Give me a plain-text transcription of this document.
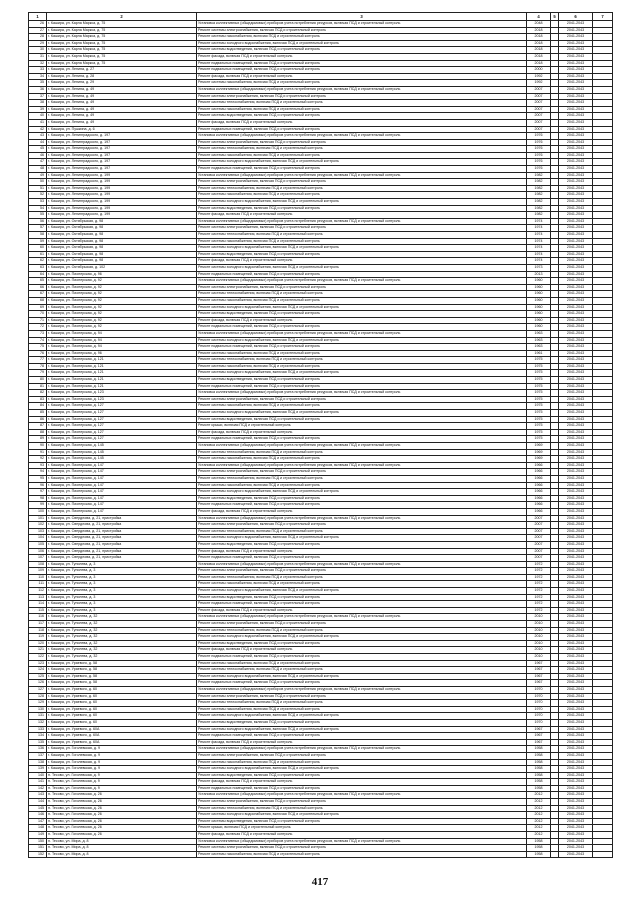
1	2	3	4	5	6	7
26	г. Кашира, ул. Карла Маркса, д. 75	Установка коллективных (общедомовых) приборов учета потребления ресурсов, включая ПСД и строительный контроль	2048		2041-2043	
27	г. Кашира, ул. Карла Маркса, д. 75	Ремонт системы электроснабжения, включая ПСД и строительный контроль	2018		2041-2043	
28	г. Кашира, ул. Карла Маркса, д. 75	Ремонт системы газоснабжения, включая ПСД и строительный контроль	2018		2041-2043	
29	г. Кашира, ул. Карла Маркса, д. 75	Ремонт системы холодного водоснабжения, включая ПСД и строительный контроль	2018		2041-2043	
30	г. Кашира, ул. Карла Маркса, д. 75	Ремонт системы водоотведения, включая ПСД и строительный контроль	2018		2041-2043	
31	г. Кашира, ул. Карла Маркса, д. 75	Ремонт фасада, включая ПСД и строительный контроль	2018		2041-2043	
32	г. Кашира, ул. Карла Маркса, д. 75	Ремонт подвальных помещений, включая ПСД и строительный контроль	2018		2041-2043	
33	г. Кашира, ул. Ленина, д. 27	Ремонт подвальных помещений, включая ПСД и строительный контроль	2000		2041-2043	
34	г. Кашира, ул. Ленина, д. 28	Ремонт фасада, включая ПСД и строительный контроль	1992		2041-2043	
35	г. Кашира, ул. Ленина, д. 29	Ремонт системы газоснабжения, включая ПСД и строительный контроль	1992		2041-2043	
36	г. Кашира, ул. Ленина, д. 49	Установка коллективных (общедомовых) приборов учета потребления ресурсов, включая ПСД и строительный контроль	2007		2041-2043	
37	г. Кашира, ул. Ленина, д. 49	Ремонт системы электроснабжения, включая ПСД и строительный контроль	2007		2041-2043	
38	г. Кашира, ул. Ленина, д. 49	Ремонт системы теплоснабжения, включая ПСД и строительный контроль	2007		2041-2043	
39	г. Кашира, ул. Ленина, д. 49	Ремонт системы газоснабжения, включая ПСД и строительный контроль	2007		2041-2043	
40	г. Кашира, ул. Ленина, д. 49	Ремонт системы водоотведения, включая ПСД и строительный контроль	2007		2041-2043	
41	г. Кашира, ул. Ленина, д. 49	Ремонт фасада, включая ПСД и строительный контроль	2007		2041-2043	
42	г. Кашира, ул. Пушкина, д. 6	Ремонт подвальных помещений, включая ПСД и строительный контроль	2007		2041-2043	
43	г. Кашира, ул. Ленинградского, д. 197	Установка коллективных (общедомовых) приборов учета потребления ресурсов, включая ПСД и строительный контроль	1976		2041-2043	
44	г. Кашира, ул. Ленинградского, д. 197	Ремонт системы электроснабжения, включая ПСД и строительный контроль	1976		2041-2043	
45	г. Кашира, ул. Ленинградского, д. 197	Ремонт системы теплоснабжения, включая ПСД и строительный контроль	1976		2041-2043	
46	г. Кашира, ул. Ленинградского, д. 197	Ремонт системы газоснабжения, включая ПСД и строительный контроль	1976		2041-2043	
47	г. Кашира, ул. Ленинградского, д. 197	Ремонт системы холодного водоснабжения, включая ПСД и строительный контроль	1976		2041-2043	
48	г. Кашира, ул. Ленинградского, д. 197	Ремонт подвальных помещений, включая ПСД и строительный контроль	1976		2041-2043	
49	г. Кашира, ул. Ленинградского, д. 199	Установка коллективных (общедомовых) приборов учета потребления ресурсов, включая ПСД и строительный контроль	1982		2041-2043	
50	г. Кашира, ул. Ленинградского, д. 199	Ремонт системы электроснабжения, включая ПСД и строительный контроль	1982		2041-2043	
51	г. Кашира, ул. Ленинградского, д. 199	Ремонт системы теплоснабжения, включая ПСД и строительный контроль	1982		2041-2043	
52	г. Кашира, ул. Ленинградского, д. 199	Ремонт системы газоснабжения, включая ПСД и строительный контроль	1982		2041-2043	
53	г. Кашира, ул. Ленинградского, д. 199	Ремонт системы холодного водоснабжения, включая ПСД и строительный контроль	1982		2041-2043	
54	г. Кашира, ул. Ленинградского, д. 199	Ремонт системы водоотведения, включая ПСД и строительный контроль	1982		2041-2043	
55	г. Кашира, ул. Ленинградского, д. 199	Ремонт фасада, включая ПСД и строительный контроль	1982		2041-2043	
56	г. Кашира, ул. Октябрьская, д. 98	Установка коллективных (общедомовых) приборов учета потребления ресурсов, включая ПСД и строительный контроль	1974		2041-2043	
57	г. Кашира, ул. Октябрьская, д. 98	Ремонт системы электроснабжения, включая ПСД и строительный контроль	1974		2041-2043	
58	г. Кашира, ул. Октябрьская, д. 98	Ремонт системы теплоснабжения, включая ПСД и строительный контроль	1974		2041-2043	
59	г. Кашира, ул. Октябрьская, д. 98	Ремонт системы газоснабжения, включая ПСД и строительный контроль	1974		2041-2043	
60	г. Кашира, ул. Октябрьская, д. 98	Ремонт системы холодного водоснабжения, включая ПСД и строительный контроль	1974		2041-2043	
61	г. Кашира, ул. Октябрьская, д. 98	Ремонт системы водоотведения, включая ПСД и строительный контроль	1974		2041-2043	
62	г. Кашира, ул. Октябрьская, д. 98	Ремонт фасада, включая ПСД и строительный контроль	1974		2041-2043	
63	г. Кашира, ул. Октябрьская, д. 102	Ремонт системы холодного водоснабжения, включая ПСД и строительный контроль	1973		2041-2043	
64	г. Кашира, ул. Пионерская, д. 96	Ремонт подвальных помещений, включая ПСД и строительный контроль	2013		2041-2043	
65	г. Кашира, ул. Пионерская, д. 92	Установка коллективных (общедомовых) приборов учета потребления ресурсов, включая ПСД и строительный контроль	1960		2041-2043	
66	г. Кашира, ул. Пионерская, д. 92	Ремонт системы электроснабжения, включая ПСД и строительный контроль	1960		2041-2043	
67	г. Кашира, ул. Пионерская, д. 92	Ремонт системы теплоснабжения, включая ПСД и строительный контроль	1960		2041-2043	
68	г. Кашира, ул. Пионерская, д. 92	Ремонт системы газоснабжения, включая ПСД и строительный контроль	1960		2041-2043	
69	г. Кашира, ул. Пионерская, д. 92	Ремонт системы холодного водоснабжения, включая ПСД и строительный контроль	1960		2041-2043	
70	г. Кашира, ул. Пионерская, д. 92	Ремонт системы водоотведения, включая ПСД и строительный контроль	1960		2041-2043	
71	г. Кашира, ул. Пионерская, д. 92	Ремонт фасада, включая ПСД и строительный контроль	1960		2041-2043	
72	г. Кашира, ул. Пионерская, д. 92	Ремонт подвальных помещений, включая ПСД и строительный контроль	1960		2041-2043	
73	г. Кашира, ул. Пионерская, д. 94	Установка коллективных (общедомовых) приборов учета потребления ресурсов, включая ПСД и строительный контроль	1963		2041-2043	
74	г. Кашира, ул. Пионерская, д. 94	Ремонт системы холодного водоснабжения, включая ПСД и строительный контроль	1963		2041-2043	
75	г. Кашира, ул. Пионерская, д. 94	Ремонт подвальных помещений, включая ПСД и строительный контроль	1963		2041-2043	
76	г. Кашира, ул. Пионерская, д. 96	Ремонт системы газоснабжения, включая ПСД и строительный контроль	1961		2041-2043	
77	г. Кашира, ул. Пионерская, д. 121	Ремонт системы теплоснабжения, включая ПСД и строительный контроль	1975		2041-2043	
78	г. Кашира, ул. Пионерская, д. 121	Ремонт системы газоснабжения, включая ПСД и строительный контроль	1975		2041-2043	
79	г. Кашира, ул. Пионерская, д. 121	Ремонт системы холодного водоснабжения, включая ПСД и строительный контроль	1975		2041-2043	
80	г. Кашира, ул. Пионерская, д. 121	Ремонт системы водоотведения, включая ПСД и строительный контроль	1975		2041-2043	
81	г. Кашира, ул. Пионерская, д. 121	Ремонт подвальных помещений, включая ПСД и строительный контроль	1975		2041-2043	
82	г. Кашира, ул. Пионерская, д. 123	Установка коллективных (общедомовых) приборов учета потребления ресурсов, включая ПСД и строительный контроль	1975		2041-2043	
83	г. Кашира, ул. Пионерская, д. 123	Ремонт системы электроснабжения, включая ПСД и строительный контроль	1975		2041-2043	
84	г. Кашира, ул. Пионерская, д. 127	Ремонт системы газоснабжения, включая ПСД и строительный контроль	1975		2041-2043	
85	г. Кашира, ул. Пионерская, д. 127	Ремонт системы холодного водоснабжения, включая ПСД и строительный контроль	1975		2041-2043	
86	г. Кашира, ул. Пионерская, д. 127	Ремонт системы водоотведения, включая ПСД и строительный контроль	1975		2041-2043	
87	г. Кашира, ул. Пионерская, д. 127	Ремонт крыши, включая ПСД и строительный контроль	1975		2041-2043	
88	г. Кашира, ул. Пионерская, д. 127	Ремонт фасада, включая ПСД и строительный контроль	1975		2041-2043	
89	г. Кашира, ул. Пионерская, д. 127	Ремонт подвальных помещений, включая ПСД и строительный контроль	1975		2041-2043	
90	г. Кашира, ул. Пионерская, д. 145	Установка коллективных (общедомовых) приборов учета потребления ресурсов, включая ПСД и строительный контроль	1969		2041-2043	
91	г. Кашира, ул. Пионерская, д. 145	Ремонт системы теплоснабжения, включая ПСД и строительный контроль	1969		2041-2043	
92	г. Кашира, ул. Пионерская, д. 145	Ремонт системы газоснабжения, включая ПСД и строительный контроль	1969		2041-2043	
93	г. Кашира, ул. Пионерская, д. 147	Установка коллективных (общедомовых) приборов учета потребления ресурсов, включая ПСД и строительный контроль	1966		2041-2043	
94	г. Кашира, ул. Пионерская, д. 147	Ремонт системы электроснабжения, включая ПСД и строительный контроль	1966		2041-2043	
95	г. Кашира, ул. Пионерская, д. 147	Ремонт системы теплоснабжения, включая ПСД и строительный контроль	1966		2041-2043	
96	г. Кашира, ул. Пионерская, д. 147	Ремонт системы газоснабжения, включая ПСД и строительный контроль	1966		2041-2043	
97	г. Кашира, ул. Пионерская, д. 147	Ремонт системы холодного водоснабжения, включая ПСД и строительный контроль	1966		2041-2043	
98	г. Кашира, ул. Пионерская, д. 147	Ремонт системы водоотведения, включая ПСД и строительный контроль	1966		2041-2043	
99	г. Кашира, ул. Пионерская, д. 147	Ремонт подвальных помещений, включая ПСД и строительный контроль	1966		2041-2043	
100	г. Кашира, ул. Пионерская, д. 147	Ремонт фасада, включая ПСД и строительный контроль	1966		2041-2043	
101	г. Кашира, ул. Свердлова, д. 21, пристройка	Установка коллективных (общедомовых) приборов учета потребления ресурсов, включая ПСД и строительный контроль	2007		2041-2043	
102	г. Кашира, ул. Свердлова, д. 21, пристройка	Ремонт системы электроснабжения, включая ПСД и строительный контроль	2007		2041-2043	
103	г. Кашира, ул. Свердлова, д. 21, пристройка	Ремонт системы теплоснабжения, включая ПСД и строительный контроль	2007		2041-2043	
104	г. Кашира, ул. Свердлова, д. 21, пристройка	Ремонт системы холодного водоснабжения, включая ПСД и строительный контроль	2007		2041-2043	
105	г. Кашира, ул. Свердлова, д. 21, пристройка	Ремонт системы водоотведения, включая ПСД и строительный контроль	2007		2041-2043	
106	г. Кашира, ул. Свердлова, д. 21, пристройка	Ремонт фасада, включая ПСД и строительный контроль	2007		2041-2043	
107	г. Кашира, ул. Свердлова, д. 21, пристройка	Ремонт подвальных помещений, включая ПСД и строительный контроль	2007		2041-2043	
108	г. Кашира, ул. Туполева, д. 3	Установка коллективных (общедомовых) приборов учета потребления ресурсов, включая ПСД и строительный контроль	1972		2041-2043	
109	г. Кашира, ул. Туполева, д. 3	Ремонт системы электроснабжения, включая ПСД и строительный контроль	1972		2041-2043	
110	г. Кашира, ул. Туполева, д. 3	Ремонт системы теплоснабжения, включая ПСД и строительный контроль	1972		2041-2043	
111	г. Кашира, ул. Туполева, д. 3	Ремонт системы газоснабжения, включая ПСД и строительный контроль	1972		2041-2043	
112	г. Кашира, ул. Туполева, д. 3	Ремонт системы холодного водоснабжения, включая ПСД и строительный контроль	1972		2041-2043	
113	г. Кашира, ул. Туполева, д. 3	Ремонт системы водоотведения, включая ПСД и строительный контроль	1972		2041-2043	
114	г. Кашира, ул. Туполева, д. 3	Ремонт подвальных помещений, включая ПСД и строительный контроль	1972		2041-2043	
115	г. Кашира, ул. Туполева, д. 3	Ремонт фасада, включая ПСД и строительный контроль	1972		2041-2043	
116	г. Кашира, ул. Туполева, д. 32	Установка коллективных (общедомовых) приборов учета потребления ресурсов, включая ПСД и строительный контроль	2010		2041-2043	
117	г. Кашира, ул. Туполева, д. 32	Ремонт системы электроснабжения, включая ПСД и строительный контроль	2010		2041-2043	
118	г. Кашира, ул. Туполева, д. 32	Ремонт системы теплоснабжения, включая ПСД и строительный контроль	2010		2041-2043	
119	г. Кашира, ул. Туполева, д. 32	Ремонт системы холодного водоснабжения, включая ПСД и строительный контроль	2010		2041-2043	
120	г. Кашира, ул. Туполева, д. 32	Ремонт системы водоотведения, включая ПСД и строительный контроль	2010		2041-2043	
121	г. Кашира, ул. Туполева, д. 32	Ремонт фасада, включая ПСД и строительный контроль	2010		2041-2043	
122	г. Кашира, ул. Туполева, д. 32	Ремонт подвальных помещений, включая ПСД и строительный контроль	2010		2041-2043	
123	г. Кашира, ул. Ураевого, д. 58	Ремонт системы газоснабжения, включая ПСД и строительный контроль	1967		2041-2043	
124	г. Кашира, ул. Ураевого, д. 58	Ремонт системы теплоснабжения, включая ПСД и строительный контроль	1967		2041-2043	
125	г. Кашира, ул. Ураевого, д. 58	Ремонт системы холодного водоснабжения, включая ПСД и строительный контроль	1967		2041-2043	
126	г. Кашира, ул. Ураевого, д. 58	Ремонт подвальных помещений, включая ПСД и строительный контроль	1967		2041-2043	
127	г. Кашира, ул. Ураевого, д. 60	Установка коллективных (общедомовых) приборов учета потребления ресурсов, включая ПСД и строительный контроль	1970		2041-2043	
128	г. Кашира, ул. Ураевого, д. 60	Ремонт системы электроснабжения, включая ПСД и строительный контроль	1970		2041-2043	
129	г. Кашира, ул. Ураевого, д. 60	Ремонт системы теплоснабжения, включая ПСД и строительный контроль	1970		2041-2043	
130	г. Кашира, ул. Ураевого, д. 60	Ремонт системы газоснабжения, включая ПСД и строительный контроль	1970		2041-2043	
131	г. Кашира, ул. Ураевого, д. 60	Ремонт системы холодного водоснабжения, включая ПСД и строительный контроль	1970		2041-2043	
132	г. Кашира, ул. Ураевого, д. 60	Ремонт системы водоотведения, включая ПСД и строительный контроль	1970		2041-2043	
133	г. Кашира, ул. Ураевого, д. 60А	Ремонт системы холодного водоснабжения, включая ПСД и строительный контроль	1967		2041-2043	
134	г. Кашира, ул. Ураевого, д. 60А	Ремонт подвальных помещений, включая ПСД и строительный контроль	1967		2041-2043	
135	г. Кашира, ул. Ураевого, д. 60А	Ремонт фасада, включая ПСД и строительный контроль	1967		2041-2043	
136	г. Кашира, ул. Гоголевская, д. 9	Установка коллективных (общедомовых) приборов учета потребления ресурсов, включая ПСД и строительный контроль	1958		2041-2043	
137	г. Кашира, ул. Гоголевская, д. 9	Ремонт системы электроснабжения, включая ПСД и строительный контроль	1958		2041-2043	
138	г. Кашира, ул. Гоголевская, д. 9	Ремонт системы газоснабжения, включая ПСД и строительный контроль	1958		2041-2043	
139	г. Кашира, ул. Гоголевская, д. 9	Ремонт системы холодного водоснабжения, включая ПСД и строительный контроль	1958		2041-2043	
140	п. Тесово, ул. Гоголевская, д. 9	Ремонт системы водоотведения, включая ПСД и строительный контроль	1958		2041-2043	
141	п. Тесово, ул. Гоголевская, д. 9	Ремонт фасада, включая ПСД и строительный контроль	1958		2041-2043	
142	п. Тесово, ул. Гоголевская, д. 9	Ремонт подвальных помещений, включая ПСД и строительный контроль	1958		2041-2043	
143	п. Тесово, ул. Гоголевская, д. 26	Установка коллективных (общедомовых) приборов учета потребления ресурсов, включая ПСД и строительный контроль	2012		2041-2043	
144	п. Тесово, ул. Гоголевская, д. 26	Ремонт системы электроснабжения, включая ПСД и строительный контроль	2012		2041-2043	
145	п. Тесово, ул. Гоголевская, д. 26	Ремонт системы теплоснабжения, включая ПСД и строительный контроль	2012		2041-2043	
146	п. Тесово, ул. Гоголевская, д. 26	Ремонт системы холодного водоснабжения, включая ПСД и строительный контроль	2012		2041-2043	
147	п. Тесово, ул. Гоголевская, д. 26	Ремонт системы водоотведения, включая ПСД и строительный контроль	2012		2041-2043	
148	п. Тесово, ул. Гоголевская, д. 26	Ремонт крыши, включая ПСД и строительный контроль	2012		2041-2043	
149	п. Тесово, ул. Гоголевская, д. 26	Ремонт фасада, включая ПСД и строительный контроль	2012		2041-2043	
150	п. Тесово, ул. Мира, д. 8	Установка коллективных (общедомовых) приборов учета потребления ресурсов, включая ПСД и строительный контроль	1958		2041-2043	
151	п. Тесово, ул. Мира, д. 8	Ремонт системы электроснабжения, включая ПСД и строительный контроль	1958		2041-2043	
152	п. Тесово, ул. Мира, д. 8	Ремонт системы газоснабжения, включая ПСД и строительный контроль	1958		2041-2043	
417
